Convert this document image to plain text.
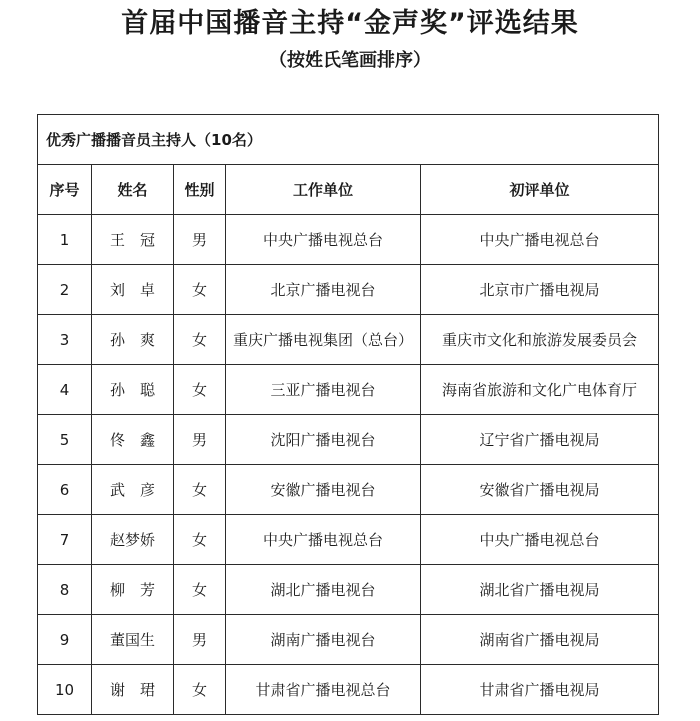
首届中国播音主持“金声奖”评选结果
（按姓氏笔画排序）
优秀广播播音员主持人（10名）				
序号	姓名	性别	工作单位	初评单位
1	王　冠	男	中央广播电视总台	中央广播电视总台
2	刘　卓	女	北京广播电视台	北京市广播电视局
3	孙　爽	女	重庆广播电视集团（总台）	重庆市文化和旅游发展委员会
4	孙　聪	女	三亚广播电视台	海南省旅游和文化广电体育厅
5	佟　鑫	男	沈阳广播电视台	辽宁省广播电视局
6	武　彦	女	安徽广播电视台	安徽省广播电视局
7	赵梦娇	女	中央广播电视总台	中央广播电视总台
8	柳　芳	女	湖北广播电视台	湖北省广播电视局
9	董国生	男	湖南广播电视台	湖南省广播电视局
10	谢　珺	女	甘肃省广播电视总台	甘肃省广播电视局
